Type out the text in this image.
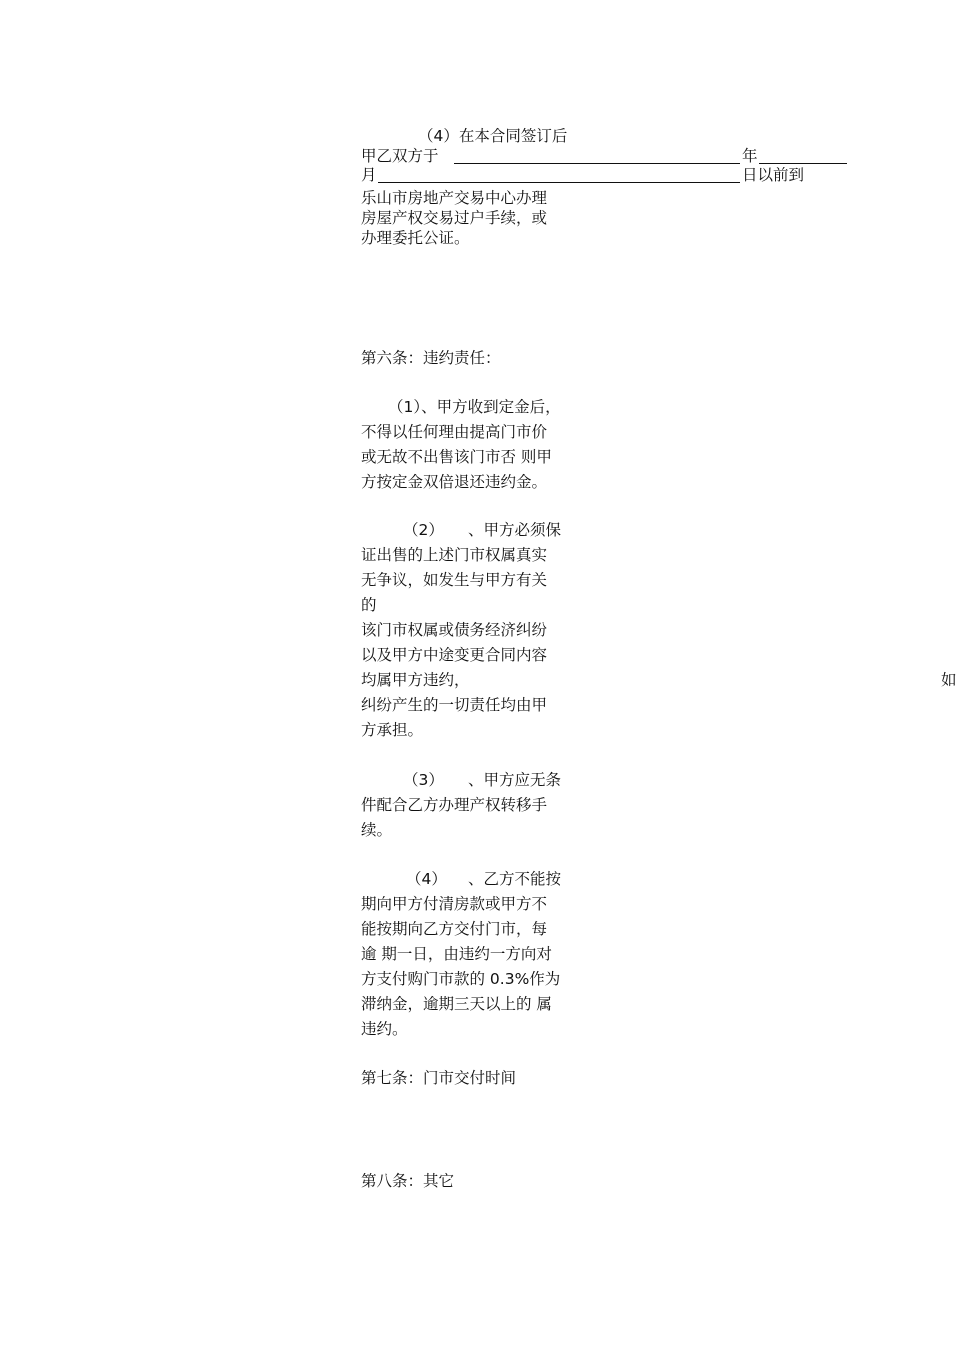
（4）在本合同签订后
甲乙双方于	年
月	日以前到
乐山市房地产交易中心办理
房屋产权交易过户手续，或
办理委托公证。
第六条：违约责任：
（1）、甲方收到定金后，
不得以任何理由提高门市价
或无故不出售该门市否 则甲
方按定金双倍退还违约金。
（2） 、甲方必须保
证出售的上述门市权属真实
无争议，如发生与甲方有关
的
该门市权属或债务经济纠纷
以及甲方中途变更合同内容
均属甲方违约，	如
纠纷产生的一切责任均由甲
方承担。
（3） 、甲方应无条
件配合乙方办理产权转移手
续。
（4） 、乙方不能按
期向甲方付清房款或甲方不
能按期向乙方交付门市，每
逾 期一日，由违约一方向对
方支付购门市款的 0.3%作为
滞纳金，逾期三天以上的 属
违约。
第七条：门市交付时间
第八条：其它
